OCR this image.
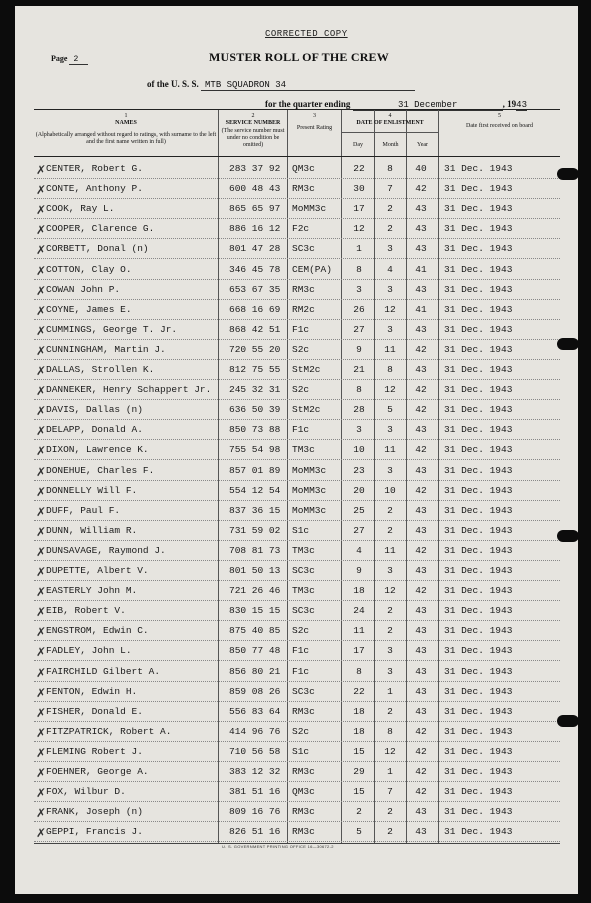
CORRECTED COPY
Page 2	MUSTER ROLL OF THE CREW
of the U. S. S. MTB SQUADRON 34
for the quarter ending	31 December	, 1943
1
NAMES
(Alphabetically arranged without regard to ratings, with surname to the left and the first name written in full)
2
SERVICE NUMBER
(The service number must under no condition be omitted)
3
Present Rating
4
DATE OF ENLISTMENT
Day	Month	Year
5
Date first received on board
✗ CENTER, Robert G.	283 37 92 QM3c	22	8	40	31 Dec. 1943
✗ CONTE, Anthony P.	600 48 43 RM3c	30	7	42	31 Dec. 1943
✗ COOK, Ray L.	865 65 97 MoMM3c	17	2	43	31 Dec. 1943
✗ COOPER, Clarence G.	886 16 12 F2c	12	2	43	31 Dec. 1943
✗ CORBETT, Donal (n)	801 47 28 SC3c	1	3	43	31 Dec. 1943
✗ COTTON, Clay O.	346 45 78 CEM(PA)	8	4	41	31 Dec. 1943
✗ COWAN John P.	653 67 35 RM3c	3	3	43	31 Dec. 1943
✗ COYNE, James E.	668 16 69 RM2c	26	12	41	31 Dec. 1943
✗ CUMMINGS, George T. Jr.	868 42 51 F1c	27	3	43	31 Dec. 1943
✗ CUNNINGHAM, Martin J.	720 55 20 S2c	9	11	42	31 Dec. 1943
✗ DALLAS, Strollen K.	812 75 55 StM2c	21	8	43	31 Dec. 1943
✗ DANNEKER, Henry Schappert Jr. 245 32 31 S2c	8	12	42	31 Dec. 1943
✗ DAVIS, Dallas (n)	636 50 39 StM2c	28	5	42	31 Dec. 1943
✗ DELAPP, Donald A.	850 73 88 F1c	3	3	43	31 Dec. 1943
✗ DIXON, Lawrence K.	755 54 98 TM3c	10	11	42	31 Dec. 1943
✗ DONEHUE, Charles F.	857 01 89 MoMM3c	23	3	43	31 Dec. 1943
✗ DONNELLY Will F.	554 12 54 MoMM3c	20	10	42	31 Dec. 1943
✗ DUFF, Paul F.	837 36 15 MoMM3c	25	2	43	31 Dec. 1943
✗ DUNN, William R.	731 59 02 S1c	27	2	43	31 Dec. 1943
✗ DUNSAVAGE, Raymond J.	708 81 73 TM3c	4	11	42	31 Dec. 1943
✗ DUPETTE, Albert V.	801 50 13 SC3c	9	3	43	31 Dec. 1943
✗ EASTERLY John M.	721 26 46 TM3c	18	12	42	31 Dec. 1943
✗ EIB, Robert V.	830 15 15 SC3c	24	2	43	31 Dec. 1943
✗ ENGSTROM, Edwin C.	875 40 85 S2c	11	2	43	31 Dec. 1943
✗ FADLEY, John L.	850 77 48 F1c	17	3	43	31 Dec. 1943
✗ FAIRCHILD Gilbert A.	856 80 21 F1c	8	3	43	31 Dec. 1943
✗ FENTON, Edwin H.	859 08 26 SC3c	22	1	43	31 Dec. 1943
✗ FISHER, Donald E.	556 83 64 RM3c	18	2	43	31 Dec. 1943
✗ FITZPATRICK, Robert A.	414 96 76 S2c	18	8	42	31 Dec. 1943
✗ FLEMING Robert J.	710 56 58 S1c	15	12	42	31 Dec. 1943
✗ FOEHNER, George A.	383 12 32 RM3c	29	1	42	31 Dec. 1943
✗ FOX, Wilbur D.	381 51 16 QM3c	15	7	42	31 Dec. 1943
✗ FRANK, Joseph (n)	809 16 76 RM3c	2	2	43	31 Dec. 1943
✗ GEPPI, Francis J.	826 51 16 RM3c	5	2	43	31 Dec. 1943
U. S. GOVERNMENT PRINTING OFFICE 16—30672-2
